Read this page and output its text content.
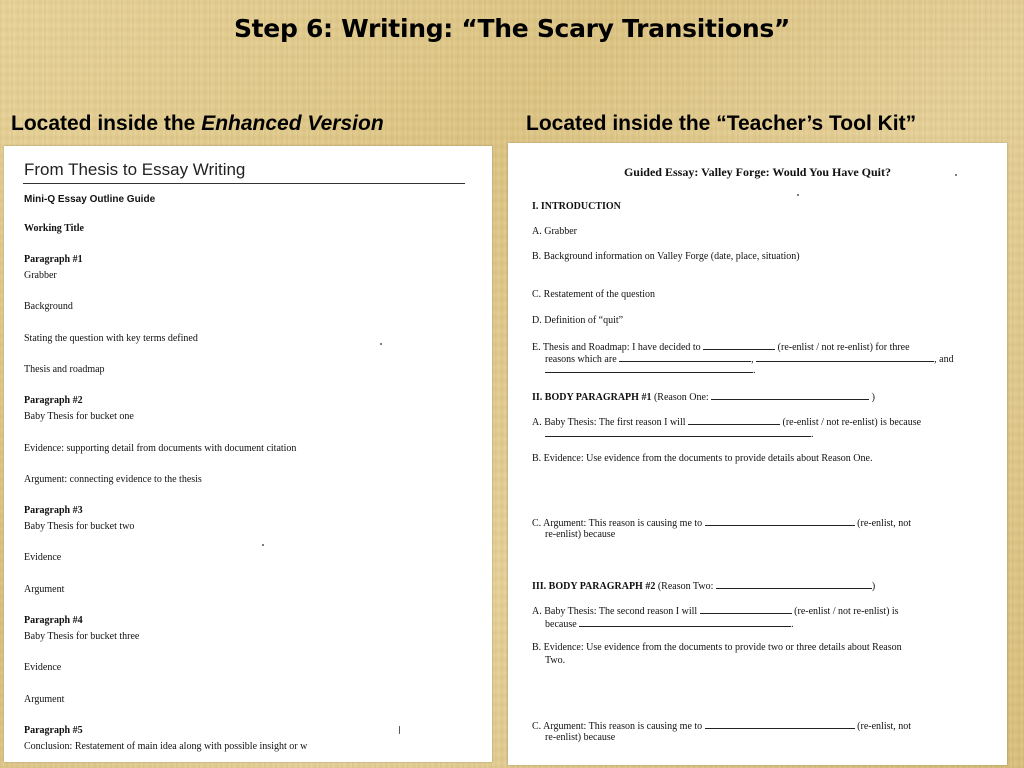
Step 6: Writing: “The Scary Transitions”
Located inside the Enhanced Version	Located inside the “Teacher’s Tool Kit”
From Thesis to Essay Writing
Mini-Q Essay Outline Guide
Working Title
Paragraph #1
Grabber
Background
Stating the question with key terms defined
Thesis and roadmap
Paragraph #2
Baby Thesis for bucket one
Evidence: supporting detail from documents with document citation
Argument: connecting evidence to the thesis
Paragraph #3
Baby Thesis for bucket two
Evidence
Argument
Paragraph #4
Baby Thesis for bucket three
Evidence
Argument
Paragraph #5
Conclusion: Restatement of main idea along with possible insight or w
Guided Essay: Valley Forge: Would You Have Quit?
I. INTRODUCTION
A. Grabber
B. Background information on Valley Forge (date, place, situation)
C. Restatement of the question
D. Definition of “quit”
E. Thesis and Roadmap: I have decided to	(re-enlist / not re-enlist) for three
reasons which are	,	, and
.
II. BODY PARAGRAPH #1 (Reason One:	)
A. Baby Thesis: The first reason I will	(re-enlist / not re-enlist) is because
.
B. Evidence: Use evidence from the documents to provide details about Reason One.
C. Argument: This reason is causing me to	(re-enlist, not
re-enlist) because
III. BODY PARAGRAPH #2 (Reason Two:	)
A. Baby Thesis: The second reason I will	(re-enlist / not re-enlist) is
because	.
B. Evidence: Use evidence from the documents to provide two or three details about Reason
Two.
C. Argument: This reason is causing me to	(re-enlist, not
re-enlist) because
